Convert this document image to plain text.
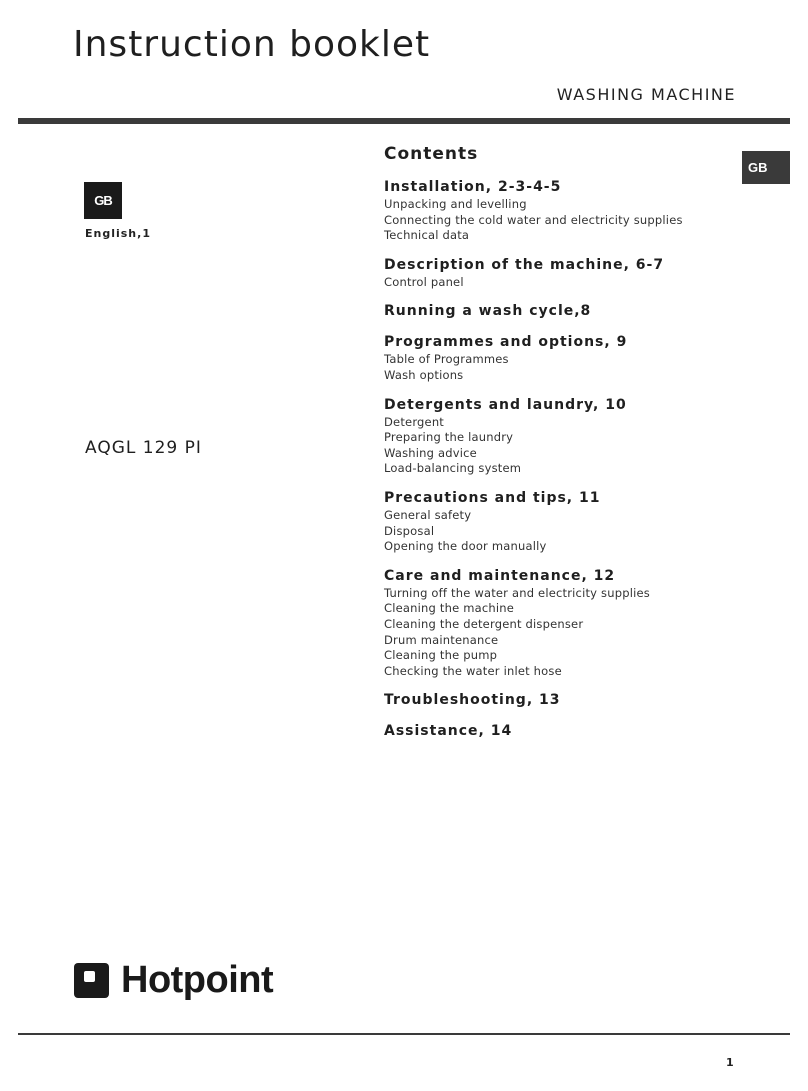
Instruction booklet
WASHING MACHINE
GB
English,1
AQGL 129 PI
GB
Contents
Installation, 2-3-4-5
Unpacking and levelling
Connecting the cold water and electricity supplies
Technical data
Description of the machine, 6-7
Control panel
Running a wash cycle,8
Programmes and options, 9
Table of Programmes
Wash options
Detergents and laundry, 10
Detergent
Preparing the laundry
Washing advice
Load-balancing system
Precautions and tips, 11
General safety
Disposal
Opening the door manually
Care and maintenance, 12
Turning off the water and electricity supplies
Cleaning the machine
Cleaning the detergent dispenser
Drum maintenance
Cleaning the pump
Checking the water inlet hose
Troubleshooting, 13
Assistance, 14
Hotpoint
1
